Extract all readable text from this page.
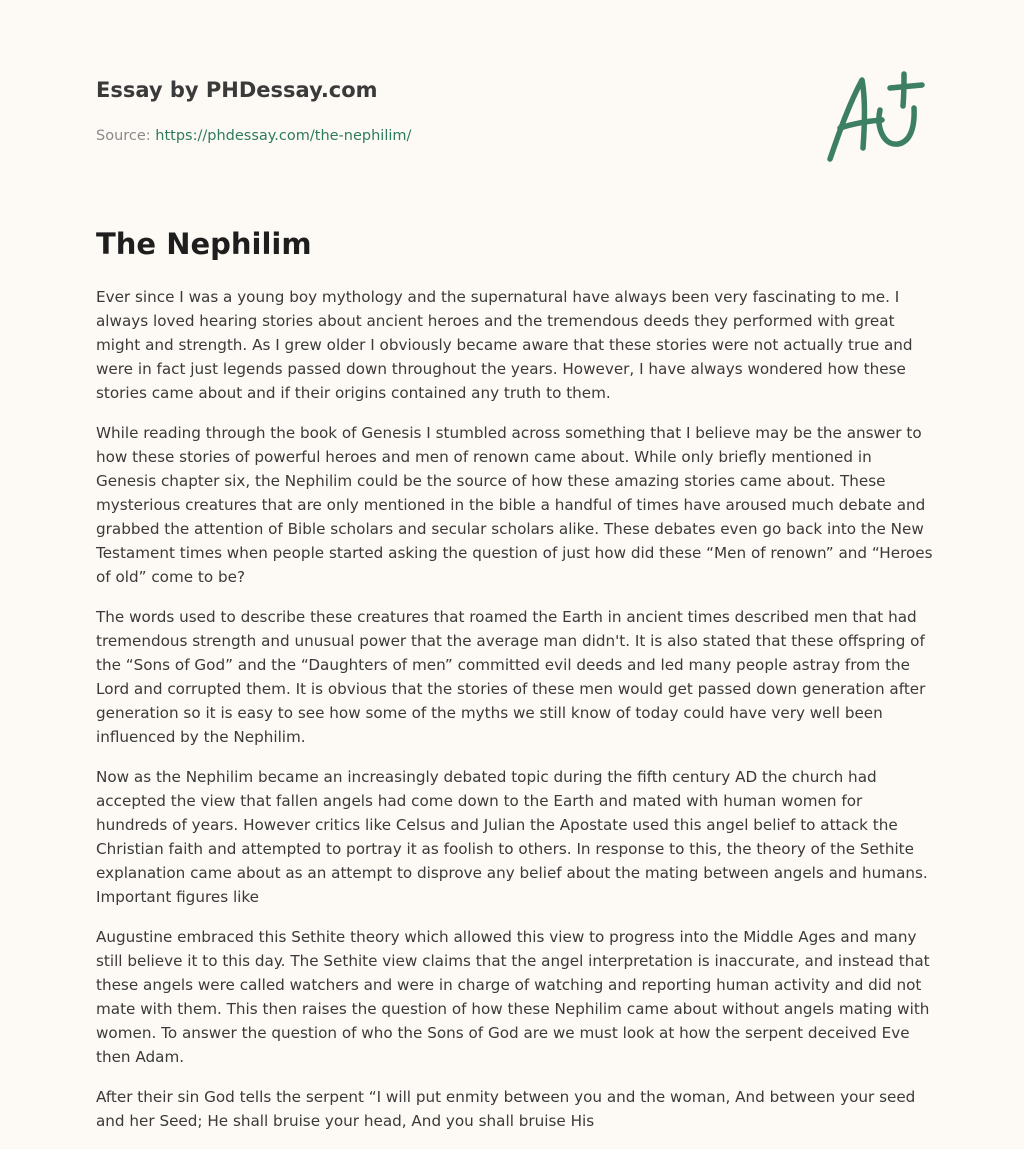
Essay by PHDessay.com
Source: https://phdessay.com/the-nephilim/
The Nephilim

Ever since I was a young boy mythology and the supernatural have always been very fascinating to me. I always loved hearing stories about ancient heroes and the tremendous deeds they performed with great might and strength. As I grew older I obviously became aware that these stories were not actually true and were in fact just legends passed down throughout the years. However, I have always wondered how these stories came about and if their origins contained any truth to them.

While reading through the book of Genesis I stumbled across something that I believe may be the answer to how these stories of powerful heroes and men of renown came about. While only briefly mentioned in Genesis chapter six, the Nephilim could be the source of how these amazing stories came about. These mysterious creatures that are only mentioned in the bible a handful of times have aroused much debate and grabbed the attention of Bible scholars and secular scholars alike. These debates even go back into the New Testament times when people started asking the question of just how did these “Men of renown” and “Heroes of old” come to be?

The words used to describe these creatures that roamed the Earth in ancient times described men that had tremendous strength and unusual power that the average man didn't. It is also stated that these offspring of the “Sons of God” and the “Daughters of men” committed evil deeds and led many people astray from the Lord and corrupted them. It is obvious that the stories of these men would get passed down generation after generation so it is easy to see how some of the myths we still know of today could have very well been influenced by the Nephilim.

Now as the Nephilim became an increasingly debated topic during the fifth century AD the church had accepted the view that fallen angels had come down to the Earth and mated with human women for hundreds of years. However critics like Celsus and Julian the Apostate used this angel belief to attack the Christian faith and attempted to portray it as foolish to others. In response to this, the theory of the Sethite explanation came about as an attempt to disprove any belief about the mating between angels and humans. Important figures like

Augustine embraced this Sethite theory which allowed this view to progress into the Middle Ages and many still believe it to this day. The Sethite view claims that the angel interpretation is inaccurate, and instead that these angels were called watchers and were in charge of watching and reporting human activity and did not mate with them. This then raises the question of how these Nephilim came about without angels mating with women. To answer the question of who the Sons of God are we must look at how the serpent deceived Eve then Adam.

After their sin God tells the serpent “I will put enmity between you and the woman, And between your seed and her Seed; He shall bruise your head, And you shall bruise His
